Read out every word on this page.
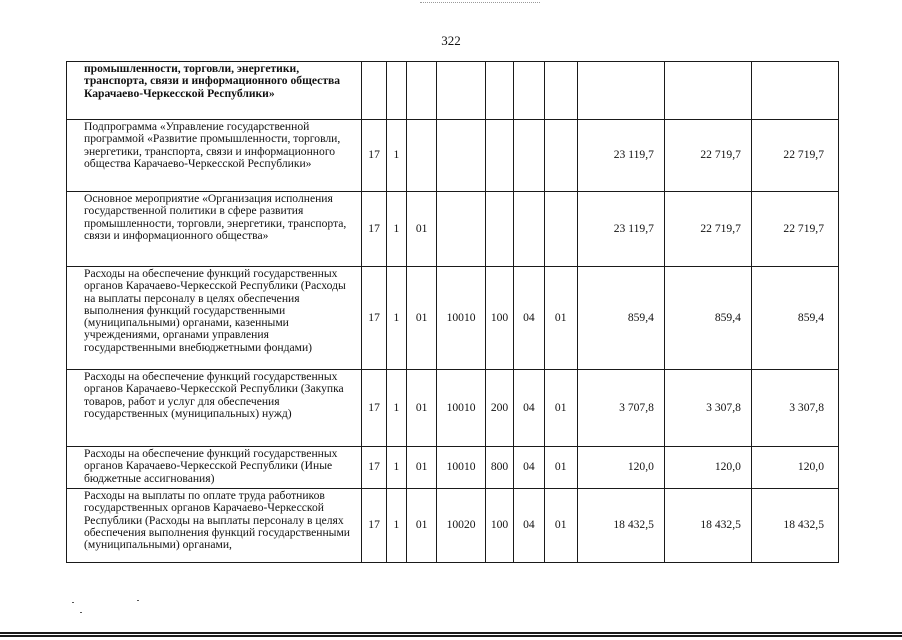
322
промышленности, торговли, энергетики, транспорта, связи и информационного общества Карачаево-Черкесской Республики»										
Подпрограмма «Управление государственной программой «Развитие промышленности, торговли, энергетики, транспорта, связи и информационного общества Карачаево-Черкесской Республики»	17	1						23 119,7	22 719,7	22 719,7
Основное мероприятие «Организация исполнения государственной политики в сфере развития промышленности, торговли, энергетики, транспорта, связи и информационного общества»	17	1	01					23 119,7	22 719,7	22 719,7
Расходы на обеспечение функций государственных органов Карачаево-Черкесской Республики (Расходы на выплаты персоналу в целях обеспечения выполнения функций государственными (муниципальными) органами, казенными учреждениями, органами управления государственными внебюджетными фондами)	17	1	01	10010	100	04	01	859,4	859,4	859,4
Расходы на обеспечение функций государственных органов Карачаево-Черкесской Республики (Закупка товаров, работ и услуг для обеспечения государственных (муниципальных) нужд)	17	1	01	10010	200	04	01	3 707,8	3 307,8	3 307,8
Расходы на обеспечение функций государственных органов Карачаево-Черкесской Республики (Иные бюджетные ассигнования)	17	1	01	10010	800	04	01	120,0	120,0	120,0
Расходы на выплаты по оплате труда работников государственных органов Карачаево-Черкесской Республики (Расходы на выплаты персоналу в целях обеспечения выполнения функций государственными (муниципальными) органами,	17	1	01	10020	100	04	01	18 432,5	18 432,5	18 432,5
